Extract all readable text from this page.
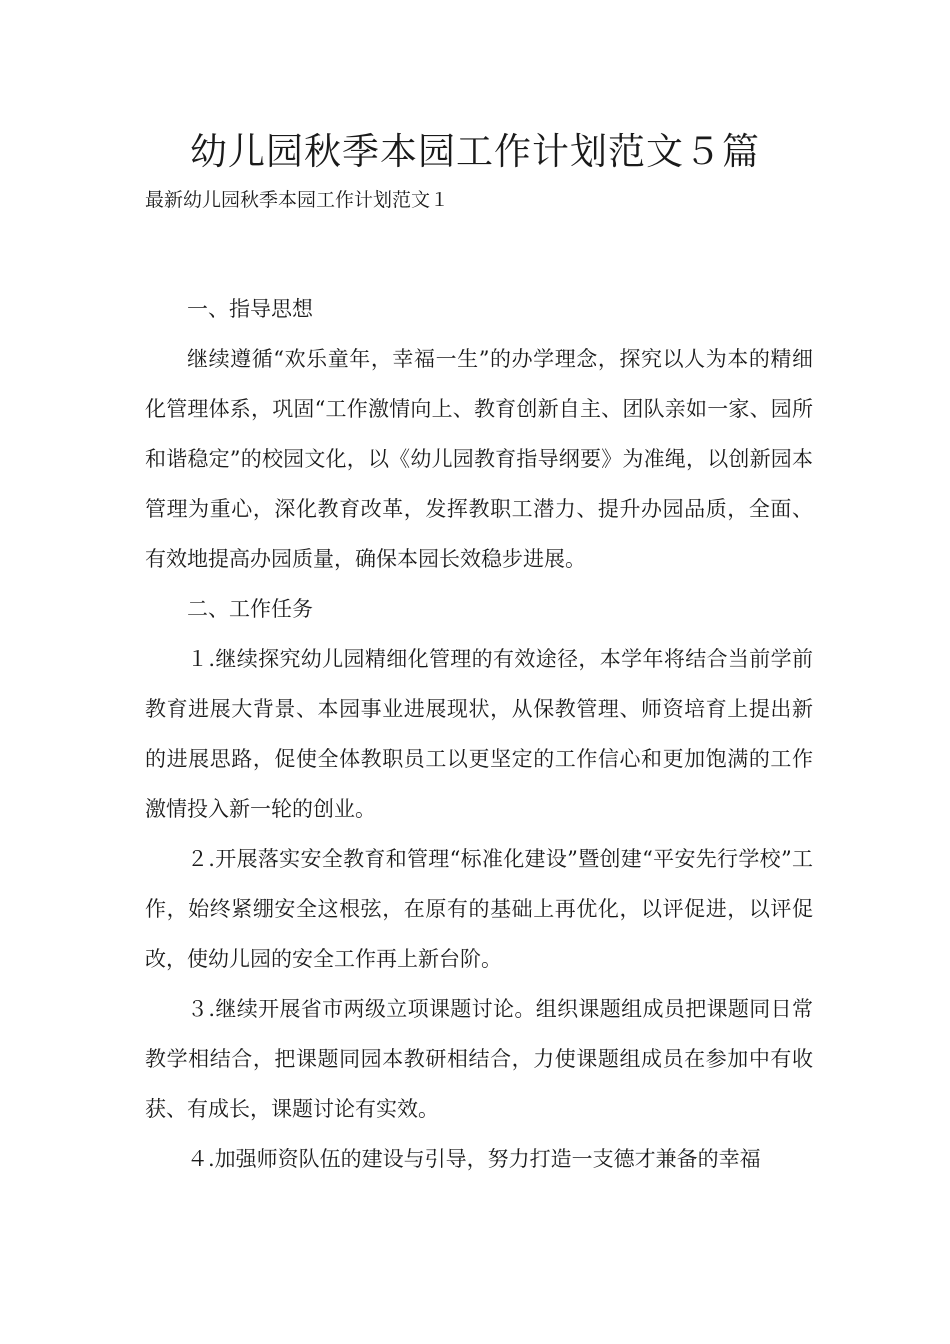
幼儿园秋季本园工作计划范文５篇
最新幼儿园秋季本园工作计划范文１

一、指导思想

继续遵循“欢乐童年，幸福一生”的办学理念，探究以人为本的精细化管理体系，巩固“工作激情向上、教育创新自主、团队亲如一家、园所和谐稳定”的校园文化，以《幼儿园教育指导纲要》为准绳，以创新园本管理为重心，深化教育改革，发挥教职工潜力、提升办园品质，全面、有效地提高办园质量，确保本园长效稳步进展。

二、工作任务

１.继续探究幼儿园精细化管理的有效途径，本学年将结合当前学前教育进展大背景、本园事业进展现状，从保教管理、师资培育上提出新的进展思路，促使全体教职员工以更坚定的工作信心和更加饱满的工作激情投入新一轮的创业。

２.开展落实安全教育和管理“标准化建设”暨创建“平安先行学校”工作，始终紧绷安全这根弦，在原有的基础上再优化，以评促进，以评促改，使幼儿园的安全工作再上新台阶。

３.继续开展省市两级立项课题讨论。组织课题组成员把课题同日常教学相结合，把课题同园本教研相结合，力使课题组成员在参加中有收获、有成长，课题讨论有实效。

４.加强师资队伍的建设与引导，努力打造一支德才兼备的幸福
